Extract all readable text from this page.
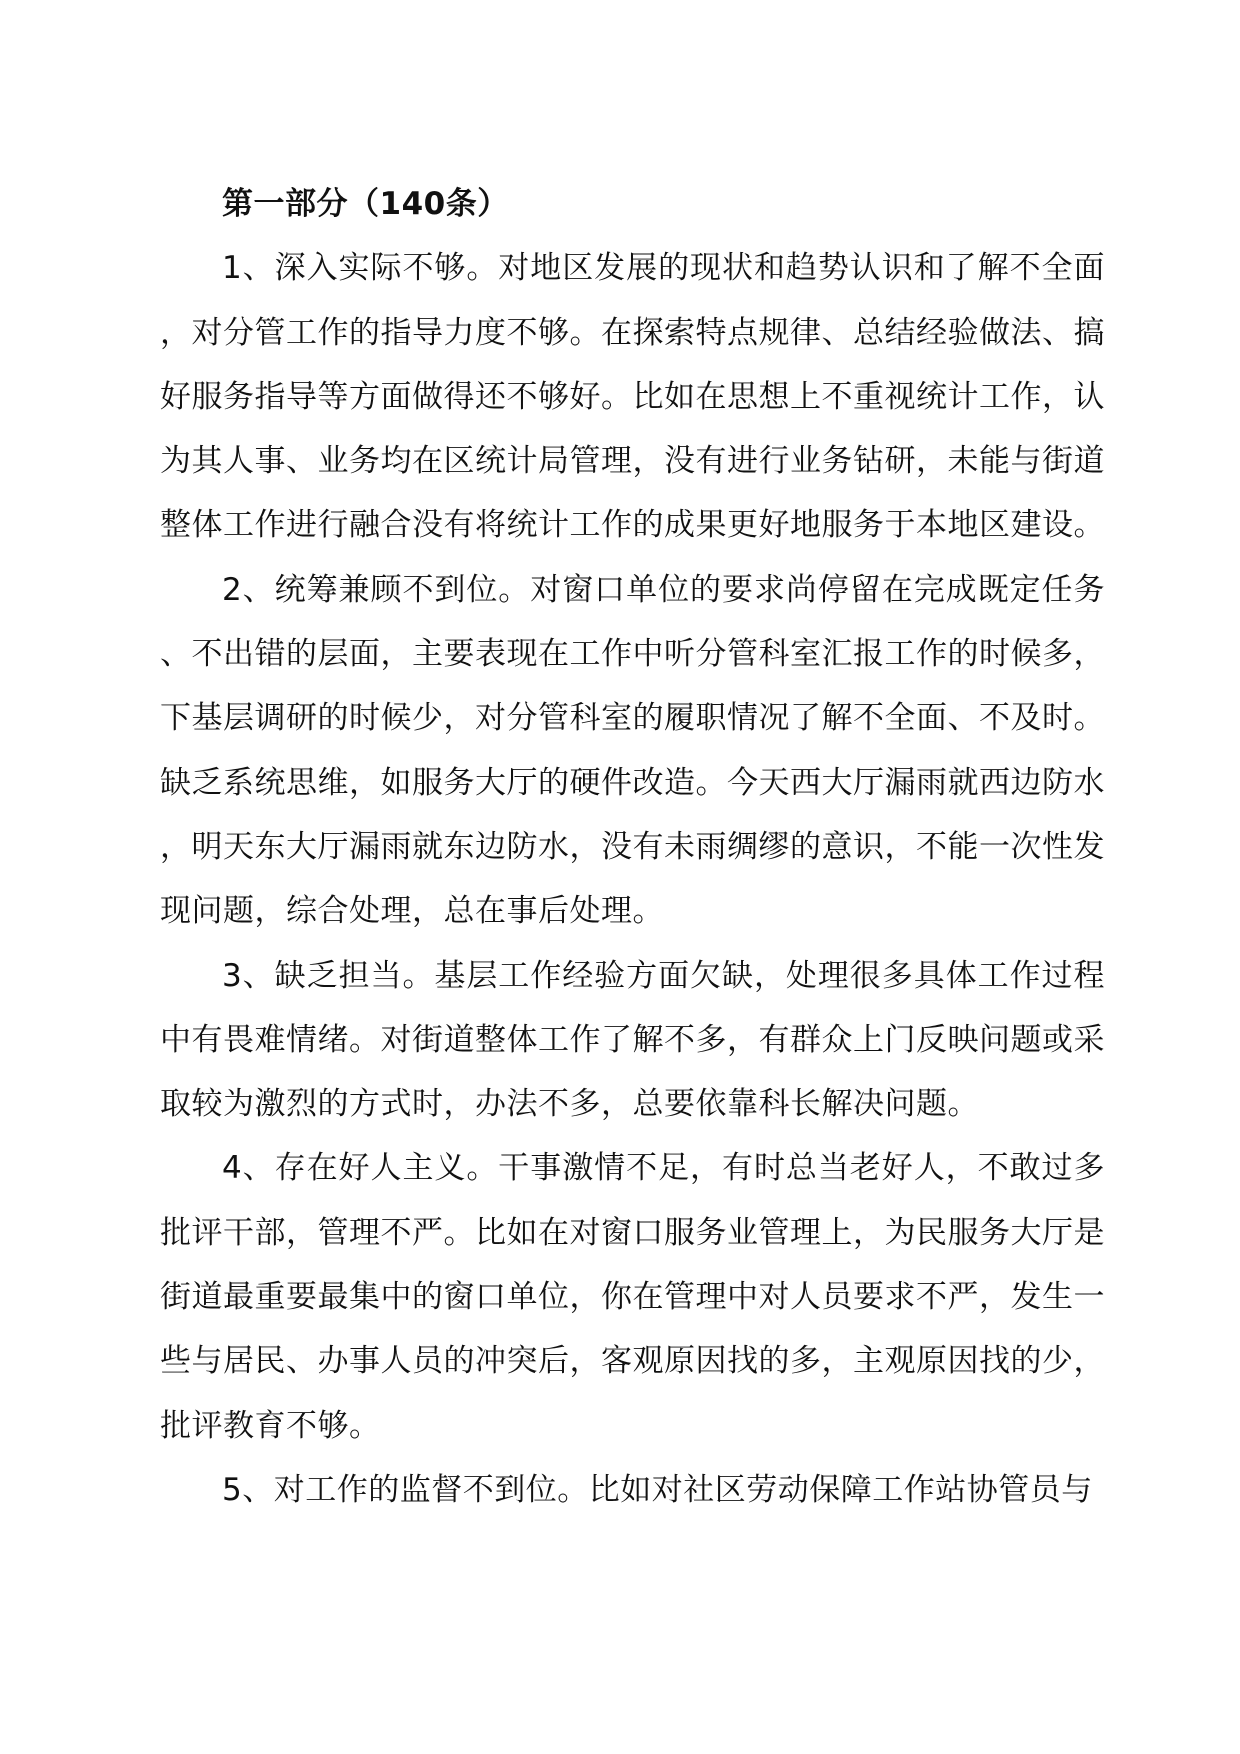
第一部分（140条）

1、深入实际不够。对地区发展的现状和趋势认识和了解不全面，对分管工作的指导力度不够。在探索特点规律、总结经验做法、搞好服务指导等方面做得还不够好。比如在思想上不重视统计工作，认为其人事、业务均在区统计局管理，没有进行业务钻研，未能与街道整体工作进行融合没有将统计工作的成果更好地服务于本地区建设。

2、统筹兼顾不到位。对窗口单位的要求尚停留在完成既定任务、不出错的层面，主要表现在工作中听分管科室汇报工作的时候多，下基层调研的时候少，对分管科室的履职情况了解不全面、不及时。缺乏系统思维，如服务大厅的硬件改造。今天西大厅漏雨就西边防水，明天东大厅漏雨就东边防水，没有未雨绸缪的意识，不能一次性发现问题，综合处理，总在事后处理。

3、缺乏担当。基层工作经验方面欠缺，处理很多具体工作过程中有畏难情绪。对街道整体工作了解不多，有群众上门反映问题或采取较为激烈的方式时，办法不多，总要依靠科长解决问题。

4、存在好人主义。干事激情不足，有时总当老好人，不敢过多批评干部，管理不严。比如在对窗口服务业管理上，为民服务大厅是街道最重要最集中的窗口单位，你在管理中对人员要求不严，发生一些与居民、办事人员的冲突后，客观原因找的多，主观原因找的少，批评教育不够。

5、对工作的监督不到位。比如对社区劳动保障工作站协管员与
